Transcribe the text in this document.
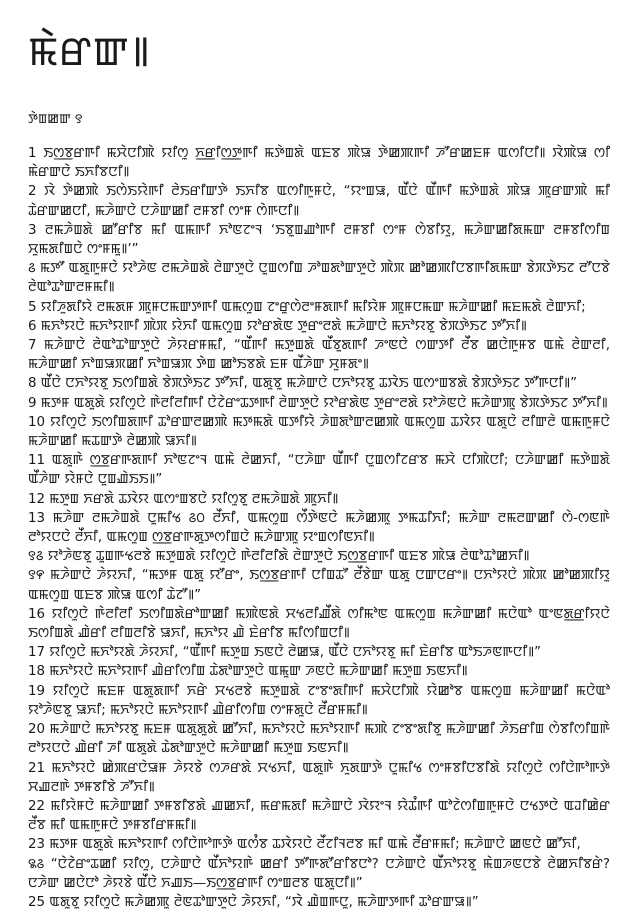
ꯃꯥꯔꯛ꯫
ꯇꯥꯡꯀꯛ ꯱

1 ꯏꯁ꯭ꯕꯔꯒꯤ ꯃꯆꯥꯅꯤꯄꯥ ꯌꯤꯁꯨ ꯈ꯭ꯔꯤꯁ꯭ꯇꯒꯤ ꯃꯇꯥꯡꯗꯥ ꯑꯐꯕ ꯄꯥꯎ ꯇꯥꯀꯄꯒꯤ ꯍꯧꯔꯀꯐꯝ ꯑꯁꯤꯅꯤ꯫ ꯋꯥꯄꯥꯎ ꯁꯤ ꯃꯥꯔꯛꯅꯥ ꯏꯈꯤꯕꯅꯤ꯫

2 ꯋꯥ ꯇꯥꯀꯄꯥ ꯏꯁꯥꯏꯌꯥꯒꯤ ꯂꯥꯏꯔꯤꯛꯇꯥ ꯏꯈꯤꯕ ꯑꯁꯤꯒꯨꯝꯅꯥ, “ꯌꯦꯡꯎ, ꯑꯩꯅꯥ ꯑꯩꯒꯤ ꯃꯇꯥꯡꯗꯥ ꯄꯥꯎ ꯄꯨꯔꯛꯄꯥ ꯃꯤ ꯊꯥꯔꯛꯀꯅꯤ, ꯃꯍꯥꯛꯅꯥ ꯅꯍꯥꯛꯀꯤ ꯂꯝꯕꯤ ꯁꯦꯝ ꯁꯥꯒꯅꯤ꯫

3 ꯂꯃꯍꯥꯡꯗꯥ ꯀꯧꯔꯤꯕ ꯃꯤ ꯑꯃꯒꯤ ꯈꯣꯟꯖꯦꯜ ‘ꯏꯕꯨꯡꯉꯣꯒꯤ ꯂꯝꯕꯤ ꯁꯦꯝ ꯁꯥꯕꯤꯌꯨ, ꯃꯍꯥꯛꯀꯤꯗꯃꯛ ꯂꯝꯕꯤꯁꯤꯡ ꯆꯨꯃꯗꯤꯡꯅꯥ ꯁꯦꯝꯃꯨ꯫’”

꯴ ꯃꯇꯧ ꯑꯗꯨꯒꯨꯝꯅꯥ ꯌꯣꯍꯥꯟ ꯂꯃꯍꯥꯡꯗꯥ ꯂꯥꯛꯇꯨꯅꯥ ꯅꯨꯡꯁꯤꯡ ꯍꯣꯡꯗꯣꯛꯇꯨꯅꯥ ꯄꯥꯞ ꯀꯣꯀꯄꯤꯅꯕꯒꯤꯗꯃꯛ ꯕꯥꯞꯇꯥꯏꯖ ꯂꯧꯅꯕꯥ ꯂꯥꯑꯣꯊꯣꯛꯂꯝꯃꯤ꯫

5 ꯌꯤꯍꯨꯗꯤꯌꯥ ꯂꯃꯗꯝ ꯄꯨꯝꯅꯃꯛꯇꯒꯤ ꯑꯃꯁꯨꯡ ꯖꯦꯔꯨꯁꯥꯂꯦꯝꯗꯒꯤ ꯃꯤꯌꯥꯝ ꯄꯨꯝꯅꯃꯛ ꯃꯍꯥꯛꯀꯤ ꯃꯐꯃꯗꯥ ꯂꯥꯛꯈꯤ;

6 ꯃꯈꯣꯌꯅꯥ ꯃꯈꯣꯌꯒꯤ ꯄꯥꯞ ꯌꯥꯈꯤ ꯑꯃꯁꯨꯡ ꯌꯣꯔꯗꯥꯟ ꯇꯨꯔꯦꯂꯗꯥ ꯃꯍꯥꯛꯅꯥ ꯃꯈꯣꯌꯕꯨ ꯕꯥꯞꯇꯥꯏꯖ ꯇꯧꯈꯤ꯫

7 ꯃꯍꯥꯛꯅꯥ ꯂꯥꯑꯣꯊꯣꯛꯇꯨꯅꯥ ꯍꯥꯌꯔꯝꯃꯤ, “ꯑꯩꯒꯤ ꯃꯇꯨꯡꯗꯥ ꯑꯩꯕꯨꯗꯒꯤ ꯍꯦꯟꯅꯥ ꯁꯛꯇꯤ ꯂꯩꯕ ꯀꯅꯥꯒꯨꯝꯕ ꯑꯃꯥ ꯂꯥꯛꯂꯤ, ꯃꯍꯥꯛꯀꯤ ꯈꯣꯡꯎꯞꯀꯤ ꯈꯣꯡꯎꯞ ꯇꯥꯡ ꯀꯣꯏꯕꯗꯥ ꯐꯝ ꯑꯩꯍꯥꯛ ꯆꯨꯝꯗꯦ꯫

8 ꯑꯩꯅꯥ ꯅꯈꯣꯌꯕꯨ ꯏꯁꯤꯡꯗꯥ ꯕꯥꯞꯇꯥꯏꯖ ꯇꯧꯈꯤ, ꯑꯗꯨꯕꯨ ꯃꯍꯥꯛꯅꯥ ꯅꯈꯣꯌꯕꯨ ꯊꯋꯥꯏ ꯑꯁꯦꯡꯕꯗꯥ ꯕꯥꯞꯇꯥꯏꯖ ꯇꯧꯒꯅꯤ꯫”

9 ꯃꯇꯝ ꯑꯗꯨꯗꯥ ꯌꯤꯁꯨꯅꯥ ꯒꯥꯂꯤꯂꯤꯒꯤ ꯅꯥꯖꯥꯔꯦꯊꯇꯒꯤ ꯂꯥꯛꯇꯨꯅꯥ ꯌꯣꯔꯗꯥꯟ ꯇꯨꯔꯦꯂꯗꯥ ꯌꯣꯍꯥꯟꯅꯥ ꯃꯍꯥꯛꯄꯨ ꯕꯥꯞꯇꯥꯏꯖ ꯇꯧꯈꯤ꯫

10 ꯌꯤꯁꯨꯅꯥ ꯏꯁꯤꯡꯗꯒꯤ ꯊꯣꯔꯛꯂꯀꯄꯥ ꯃꯇꯃꯗꯥ ꯑꯇꯤꯌꯥ ꯍꯥꯡꯗꯣꯛꯂꯀꯄꯥ ꯑꯃꯁꯨꯡ ꯊꯋꯥꯌ ꯑꯗꯨꯅꯥ ꯂꯤꯛꯂꯥ ꯑꯃꯒꯨꯝꯅꯥ ꯃꯍꯥꯛꯀꯤ ꯃꯊꯛꯇꯥ ꯂꯥꯀꯄꯥ ꯎꯈꯤ꯫

11 ꯑꯗꯨꯒꯥ ꯁ꯭ꯕꯔꯒꯗꯒꯤ ꯈꯣꯟꯖꯦꯜ ꯑꯃꯥ ꯂꯥꯀꯈꯤ, “ꯅꯍꯥꯛ ꯑꯩꯒꯤ ꯅꯨꯡꯁꯤꯖꯔꯕ ꯃꯆꯥ ꯅꯤꯄꯥꯅꯤ; ꯅꯍꯥꯛꯀꯤ ꯃꯇꯥꯡꯗꯥ ꯑꯩꯍꯥꯛ ꯌꯥꯝꯅꯥ ꯅꯨꯡꯉꯥꯏꯏ꯫”

12 ꯃꯇꯨꯡ ꯈꯔꯗꯥ ꯊꯋꯥꯌ ꯑꯁꯦꯡꯕꯅꯥ ꯌꯤꯁꯨꯕꯨ ꯂꯃꯍꯥꯡꯗꯥ ꯄꯨꯈꯤ꯫

13 ꯃꯍꯥꯛ ꯂꯃꯍꯥꯡꯗꯥ ꯅꯨꯃꯤꯠ ꯴꯰ ꯂꯩꯈꯤ, ꯑꯃꯁꯨꯡ ꯁꯩꯇꯥꯟꯅꯥ ꯃꯍꯥꯀꯄꯨ ꯇꯃꯊꯤꯈꯤ; ꯃꯍꯥꯛ ꯂꯃꯂꯛꯀꯤ ꯁꯥ-ꯁꯟꯒꯥ ꯂꯣꯌꯅꯅꯥ ꯂꯩꯈꯤ, ꯑꯃꯁꯨꯡ ꯁ꯭ꯕꯔꯒꯗꯨꯇꯁꯤꯡꯅꯥ ꯃꯍꯥꯛꯄꯨ ꯌꯦꯡꯁꯤꯟꯈꯤ꯫

꯱꯴ ꯌꯣꯍꯥꯟꯕꯨ ꯊꯨꯡꯒꯠꯂꯕꯥ ꯃꯇꯨꯡꯗꯥ ꯌꯤꯁꯨꯅꯥ ꯒꯥꯂꯤꯂꯤꯗꯥ ꯂꯥꯛꯇꯨꯅꯥ ꯏꯁ꯭ꯕꯔꯒꯤ ꯑꯐꯕ ꯄꯥꯎ ꯂꯥꯑꯣꯊꯣꯀꯈꯤ꯫

꯱꯵ ꯃꯍꯥꯛꯅꯥ ꯍꯥꯌꯈꯤ, “ꯃꯇꯝ ꯑꯗꯨ ꯌꯧꯔꯦ, ꯏꯁ꯭ꯕꯔꯒꯤ ꯅꯤꯡꯊꯧ ꯂꯩꯕꯥꯛ ꯑꯗꯨ ꯅꯛꯅꯔꯦ꯫ ꯅꯈꯣꯌꯅꯥ ꯄꯥꯞ ꯀꯣꯀꯄꯤꯌꯨ ꯑꯃꯁꯨꯡ ꯑꯐꯕ ꯄꯥꯎ ꯑꯁꯤ ꯊꯥꯖꯧ꯫”

16 ꯌꯤꯁꯨꯅꯥ ꯒꯥꯂꯤꯂꯤ ꯏꯁꯤꯡꯗꯥꯔꯣꯛꯀꯤ ꯃꯄꯥꯟꯗꯥ ꯆꯠꯂꯤꯉꯩꯗꯥ ꯁꯤꯃꯣꯟ ꯑꯃꯁꯨꯡ ꯃꯍꯥꯛꯀꯤ ꯃꯅꯥꯑꯣ ꯑꯦꯟꯗ꯭ꯔꯤꯌꯅꯥ ꯏꯁꯤꯡꯗꯥ ꯉꯥꯔꯤ ꯂꯤꯡꯂꯤꯕꯥ ꯎꯈꯤ, ꯃꯈꯣꯌ ꯉꯥ ꯐꯥꯔꯤꯕ ꯃꯤꯁꯤꯡꯅꯤ꯫

17 ꯌꯤꯁꯨꯅꯥ ꯃꯈꯣꯌꯗꯥ ꯍꯥꯌꯈꯤ, “ꯑꯩꯒꯤ ꯃꯇꯨꯡ ꯏꯟꯅꯥ ꯂꯥꯀꯎ, ꯑꯩꯅꯥ ꯅꯈꯣꯌꯕꯨ ꯃꯤ ꯐꯥꯔꯤꯕ ꯑꯣꯏꯍꯟꯒꯅꯤ꯫”

18 ꯃꯈꯣꯌꯅꯥ ꯃꯈꯣꯌꯒꯤ ꯉꯥꯔꯤꯁꯤꯡ ꯊꯥꯗꯣꯛꯇꯨꯅꯥ ꯑꯃꯨꯛ ꯍꯟꯅꯥ ꯃꯍꯥꯛꯀꯤ ꯃꯇꯨꯡ ꯏꯟꯈꯤ꯫

19 ꯌꯤꯁꯨꯅꯥ ꯃꯐꯝ ꯑꯗꯨꯗꯒꯤ ꯈꯔꯥ ꯆꯠꯂꯕꯥ ꯃꯇꯨꯡꯗꯥ ꯖꯦꯕꯦꯗꯤꯒꯤ ꯃꯆꯥꯅꯤꯄꯥ ꯌꯥꯀꯣꯕ ꯑꯃꯁꯨꯡ ꯃꯍꯥꯛꯀꯤ ꯃꯅꯥꯑꯣ ꯌꯣꯍꯥꯟꯕꯨ ꯎꯈꯤ; ꯃꯈꯣꯌꯅꯥ ꯃꯈꯣꯌꯒꯤ ꯉꯥꯔꯤꯁꯤꯡ ꯁꯦꯝꯗꯨꯅꯥ ꯂꯩꯔꯝꯃꯤ꯫

20 ꯃꯍꯥꯛꯅꯥ ꯃꯈꯣꯌꯕꯨ ꯃꯐꯝ ꯑꯗꯨꯗꯨꯗꯥ ꯀꯧꯈꯤ, ꯃꯈꯣꯌꯅꯥ ꯃꯈꯣꯌꯒꯤ ꯃꯄꯥ ꯖꯦꯕꯦꯗꯤꯕꯨ ꯃꯍꯥꯛꯀꯤ ꯍꯥꯏꯔꯤꯡ ꯁꯥꯕꯤꯁꯤꯡꯒꯥ ꯂꯣꯌꯅꯅꯥ ꯉꯥꯔꯤ ꯍꯤ ꯑꯗꯨꯗꯥ ꯊꯥꯗꯣꯛꯇꯨꯅꯥ ꯃꯍꯥꯛꯀꯤ ꯃꯇꯨꯡ ꯏꯟꯈꯤ꯫

21 ꯃꯈꯣꯌꯅꯥ ꯀꯥꯄꯔꯅꯥꯎꯝ ꯍꯥꯌꯕꯥ ꯁꯍꯔꯗꯥ ꯆꯠꯈꯤ, ꯑꯗꯨꯒꯥ ꯈꯨꯗꯛꯇꯥ ꯅꯨꯃꯤꯠ ꯁꯦꯝꯕꯤꯅꯕꯤꯗꯥ ꯌꯤꯁꯨꯅꯥ ꯁꯤꯅꯥꯒꯣꯒꯇꯥ ꯆꯉꯂꯒꯥ ꯇꯝꯕꯤꯕꯥ ꯍꯧꯈꯤ꯫

22 ꯃꯤꯌꯥꯝꯅꯥ ꯃꯍꯥꯛꯀꯤ ꯇꯝꯕꯤꯕꯗꯥ ꯉꯀꯈꯤ, ꯃꯔꯃꯗꯤ ꯃꯍꯥꯛꯅꯥ ꯋꯥꯌꯦꯜ ꯌꯥꯊꯪꯒꯤ ꯑꯣꯖꯥꯁꯤꯡꯒꯨꯝꯅꯥ ꯅꯠꯇꯅꯥ ꯑꯙꯤꯀꯥꯔ ꯂꯩꯕ ꯃꯤ ꯑꯃꯒꯨꯝꯅꯥ ꯇꯝꯕꯤꯔꯝꯃꯤ꯫

23 ꯃꯇꯝ ꯑꯗꯨꯗꯥ ꯃꯈꯣꯌꯒꯤ ꯁꯤꯅꯥꯒꯣꯒꯇꯥ ꯑꯁꯪꯕ ꯊꯋꯥꯌꯅꯥ ꯂꯩꯖꯤꯜꯂꯕ ꯃꯤ ꯑꯃꯥ ꯂꯩꯔꯝꯃꯤ; ꯃꯍꯥꯛꯅꯥ ꯀꯟꯅꯥ ꯀꯧꯈꯤ,

꯲꯴ “ꯅꯥꯖꯥꯔꯦꯊꯀꯤ ꯌꯤꯁꯨ, ꯅꯍꯥꯛꯅꯥ ꯑꯩꯈꯣꯌꯒꯥ ꯀꯔꯤ ꯇꯧꯒꯗꯧꯔꯤꯕꯅꯣ? ꯅꯍꯥꯛꯅꯥ ꯑꯩꯈꯣꯌꯕꯨ ꯃꯥꯡꯍꯟꯅꯕꯥ ꯂꯥꯀꯈꯤꯕꯔꯥ? ꯅꯍꯥꯛ ꯀꯅꯥꯅꯣ ꯍꯥꯌꯕꯥ ꯑꯩꯅꯥ ꯈꯉꯏ—ꯏꯁ꯭ꯕꯔꯒꯤ ꯁꯦꯡꯂꯕ ꯑꯗꯨꯅꯤ꯫”

25 ꯑꯗꯨꯕꯨ ꯌꯤꯁꯨꯅꯥ ꯃꯍꯥꯀꯄꯨ ꯂꯥꯟꯊꯣꯛꯇꯨꯅꯥ ꯍꯥꯌꯈꯤ, “ꯋꯥ ꯉꯥꯡꯒꯅꯨ, ꯃꯍꯥꯛꯇꯒꯤ ꯊꯣꯔꯛꯎ꯫”
